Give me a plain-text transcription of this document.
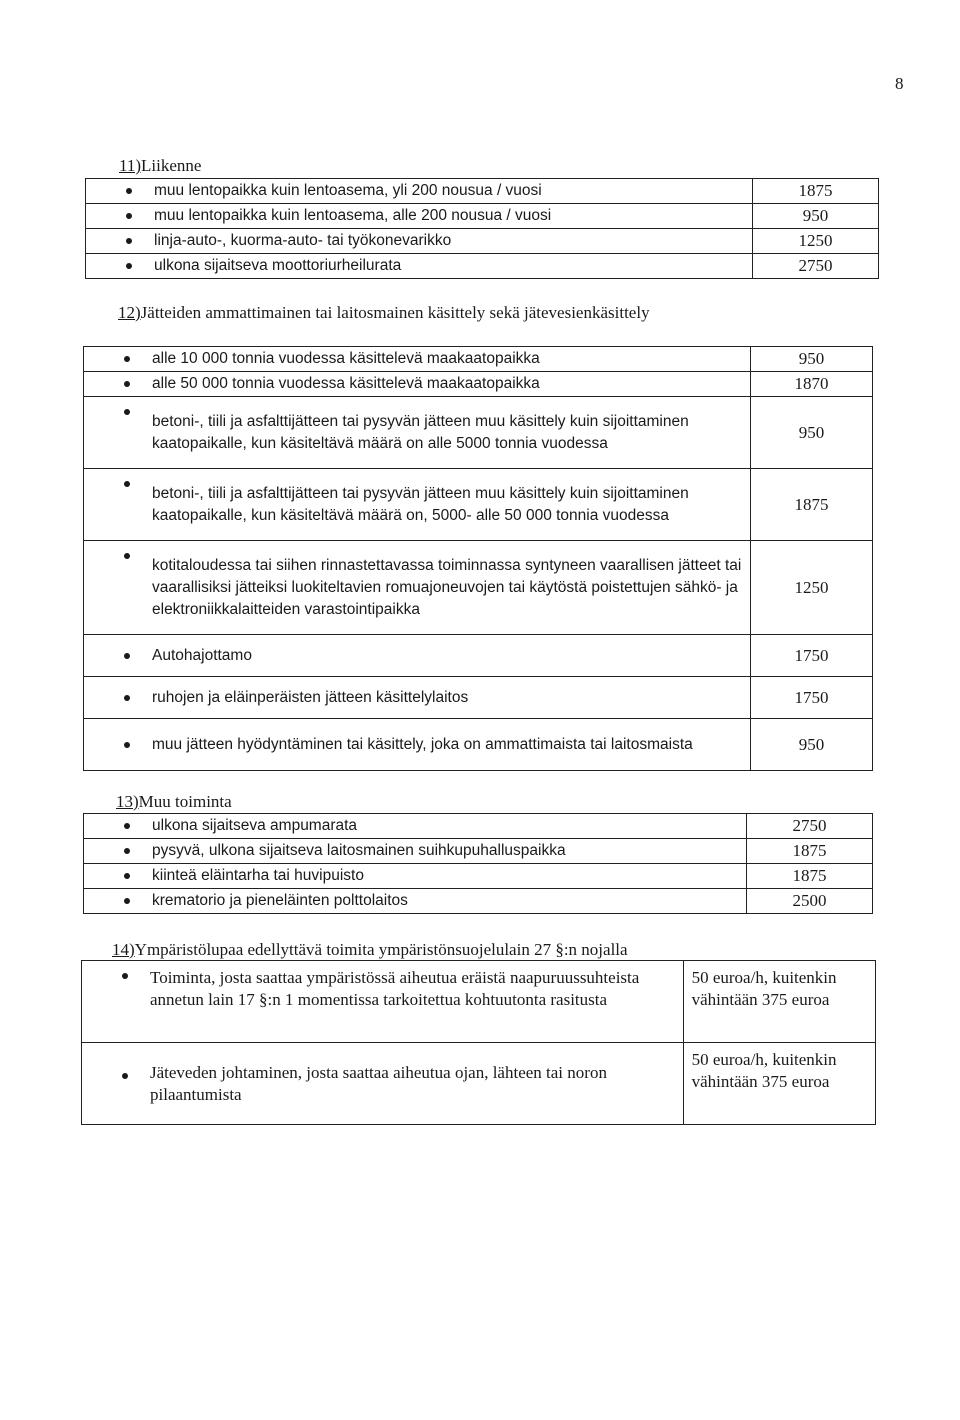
8
11)Liikenne
muu lentopaikka kuin lentoasema, yli 200 nousua / vuosi	1875

muu lentopaikka kuin lentoasema, alle 200 nousua / vuosi	950

linja-auto-, kuorma-auto- tai työkonevarikko	1250

ulkona sijaitseva moottoriurheilurata	2750
12)Jätteiden ammattimainen tai laitosmainen käsittely sekä jätevesienkäsittely
alle 10 000 tonnia vuodessa käsittelevä maakaatopaikka	950

alle 50 000 tonnia vuodessa käsittelevä maakaatopaikka	1870

betoni-, tiili ja asfalttijätteen tai pysyvän jätteen muu käsittely kuin sijoittaminen kaatopaikalle, kun käsiteltävä määrä on alle 5000 tonnia vuodessa	950

betoni-, tiili ja asfalttijätteen tai pysyvän jätteen muu käsittely kuin sijoittaminen kaatopaikalle, kun käsiteltävä määrä on, 5000- alle 50 000 tonnia vuodessa	1875

kotitaloudessa tai siihen rinnastettavassa toiminnassa syntyneen vaarallisen jätteet tai vaarallisiksi jätteiksi luokiteltavien romuajoneuvojen tai käytöstä poistettujen sähkö- ja elektroniikkalaitteiden varastointipaikka	1250

Autohajottamo	1750

ruhojen ja eläinperäisten jätteen käsittelylaitos	1750

muu jätteen hyödyntäminen tai käsittely, joka on ammattimaista tai laitosmaista	950
13)Muu toiminta
ulkona sijaitseva ampumarata	2750

pysyvä, ulkona sijaitseva laitosmainen suihkupuhalluspaikka	1875

kiinteä eläintarha tai huvipuisto	1875

krematorio ja pieneläinten polttolaitos	2500
14)Ympäristölupaa edellyttävä toimita ympäristönsuojelulain 27 §:n nojalla
Toiminta, josta saattaa ympäristössä aiheutua eräistä naapuruussuhteista annetun lain 17 §:n 1 momentissa tarkoitettua kohtuutonta rasitusta	50 euroa/h, kuitenkin vähintään 375 euroa

Jäteveden johtaminen, josta saattaa aiheutua ojan, lähteen tai noron pilaantumista	50 euroa/h, kuitenkin vähintään 375 euroa
